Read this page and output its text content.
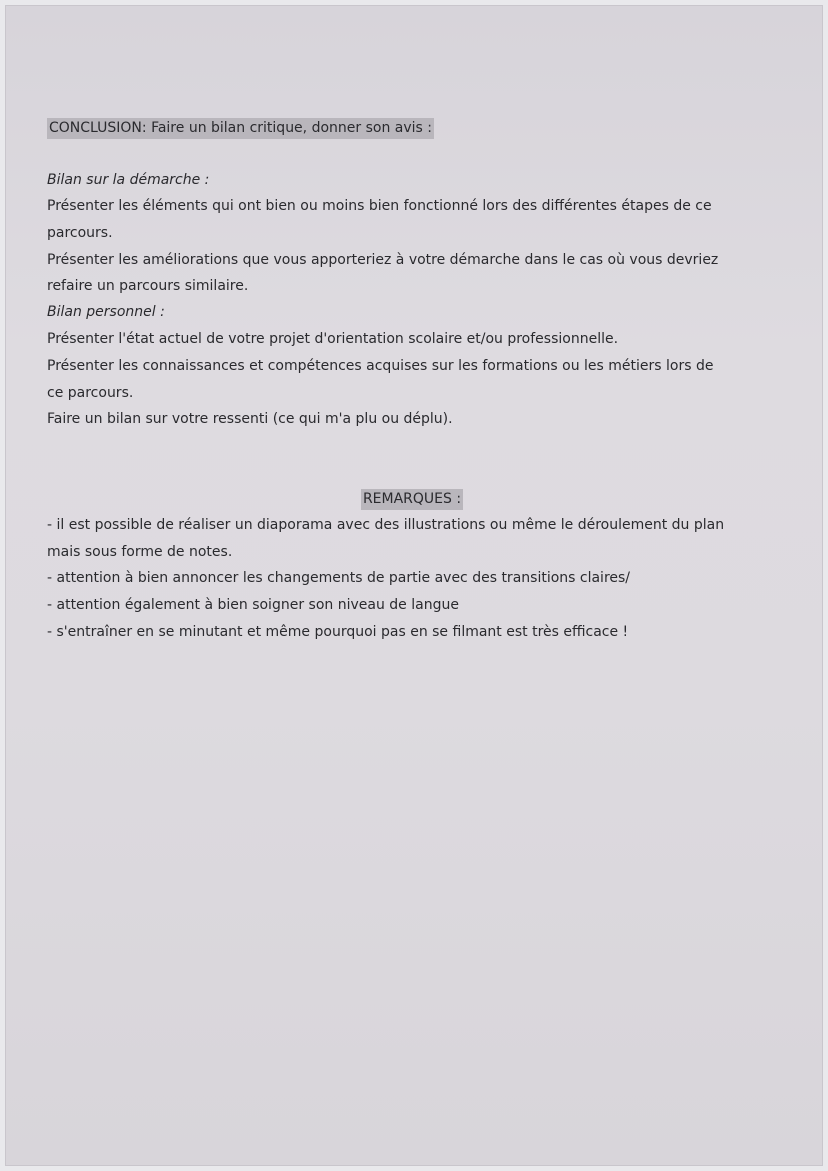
CONCLUSION: Faire un bilan critique, donner son avis :
Bilan sur la démarche :
Présenter les éléments qui ont bien ou moins bien fonctionné lors des différentes étapes de ce
parcours.
Présenter les améliorations que vous apporteriez à votre démarche dans le cas où vous devriez
refaire un parcours similaire.
Bilan personnel :
Présenter l'état actuel de votre projet d'orientation scolaire et/ou professionnelle.
Présenter les connaissances et compétences acquises sur les formations ou les métiers lors de
ce parcours.
Faire un bilan sur votre ressenti (ce qui m'a plu ou déplu).
REMARQUES :
- il est possible de réaliser un diaporama avec des illustrations ou même le déroulement du plan
mais sous forme de notes.
- attention à bien annoncer les changements de partie avec des transitions claires/
- attention également à bien soigner son niveau de langue
- s'entraîner en se minutant et même pourquoi pas en se filmant est très efficace !
